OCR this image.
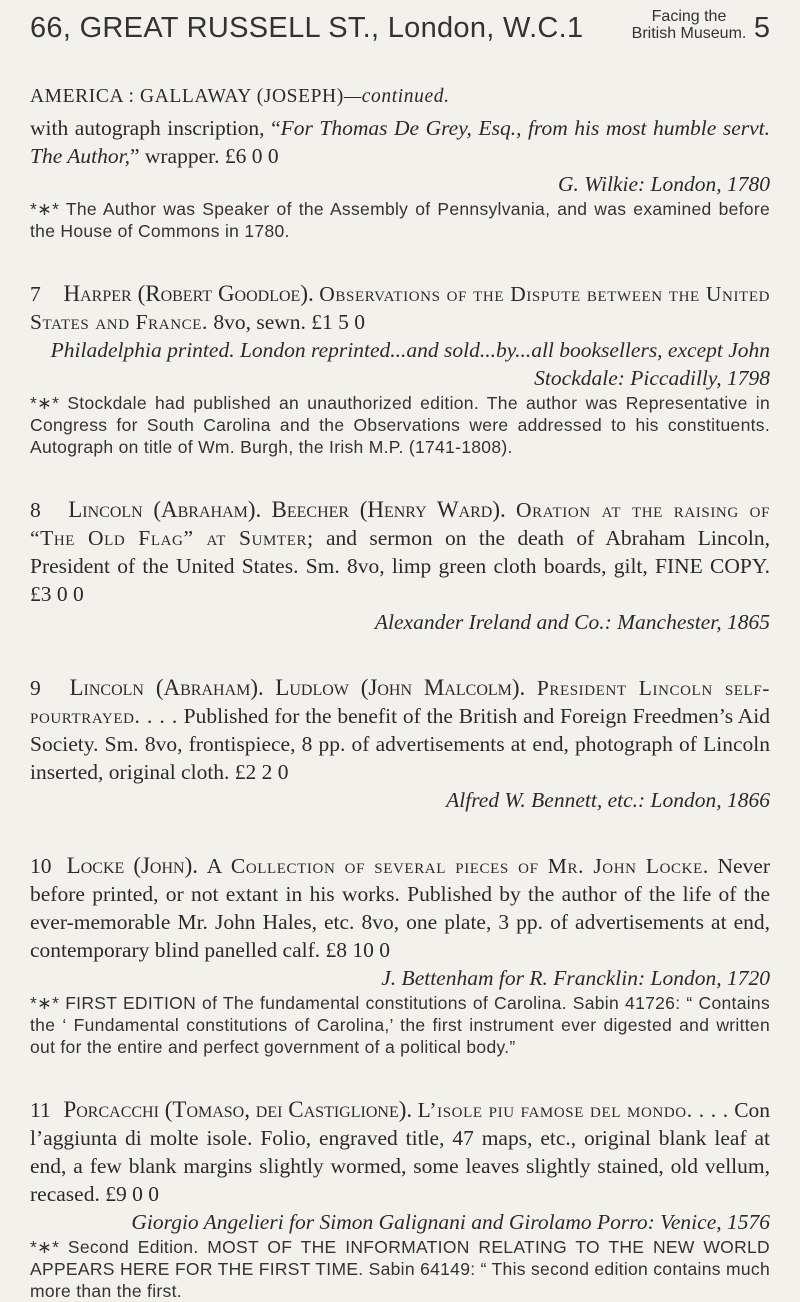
66, GREAT RUSSELL ST., London, W.C.1	Facing the
British Museum. 5
AMERICA : GALLAWAY (JOSEPH)—continued.
with autograph inscription, “For Thomas De Grey, Esq., from his most humble servt. The Author,” wrapper. £6 0 0
G. Wilkie: London, 1780
*∗* The Author was Speaker of the Assembly of Pennsylvania, and was examined before the House of Commons in 1780.
7 Harper (Robert Goodloe). Observations of the Dispute between the United States and France. 8vo, sewn. £1 5 0
Philadelphia printed. London reprinted...and sold...by...all booksellers, except John Stockdale: Piccadilly, 1798
*∗* Stockdale had published an unauthorized edition. The author was Representative in Congress for South Carolina and the Observations were addressed to his constituents. Autograph on title of Wm. Burgh, the Irish M.P. (1741-1808).
8 Lincoln (Abraham). Beecher (Henry Ward). Oration at the raising of “The Old Flag” at Sumter; and sermon on the death of Abraham Lincoln, President of the United States. Sm. 8vo, limp green cloth boards, gilt, FINE COPY. £3 0 0
Alexander Ireland and Co.: Manchester, 1865
9 Lincoln (Abraham). Ludlow (John Malcolm). President Lincoln self-pourtrayed. . . . Published for the benefit of the British and Foreign Freedmen’s Aid Society. Sm. 8vo, frontispiece, 8 pp. of advertisements at end, photograph of Lincoln inserted, original cloth. £2 2 0
Alfred W. Bennett, etc.: London, 1866
10 Locke (John). A Collection of several pieces of Mr. John Locke. Never before printed, or not extant in his works. Published by the author of the life of the ever-memorable Mr. John Hales, etc. 8vo, one plate, 3 pp. of advertisements at end, contemporary blind panelled calf. £8 10 0
J. Bettenham for R. Francklin: London, 1720
*∗* FIRST EDITION of The fundamental constitutions of Carolina. Sabin 41726: “ Contains the ‘ Fundamental constitutions of Carolina,’ the first instrument ever digested and written out for the entire and perfect government of a political body.”
11 Porcacchi (Tomaso, dei Castiglione). L’isole piu famose del mondo. . . . Con l’aggiunta di molte isole. Folio, engraved title, 47 maps, etc., original blank leaf at end, a few blank margins slightly wormed, some leaves slightly stained, old vellum, recased. £9 0 0
Giorgio Angelieri for Simon Galignani and Girolamo Porro: Venice, 1576
*∗* Second Edition. MOST OF THE INFORMATION RELATING TO THE NEW WORLD APPEARS HERE FOR THE FIRST TIME. Sabin 64149: “ This second edition contains much more than the first.
